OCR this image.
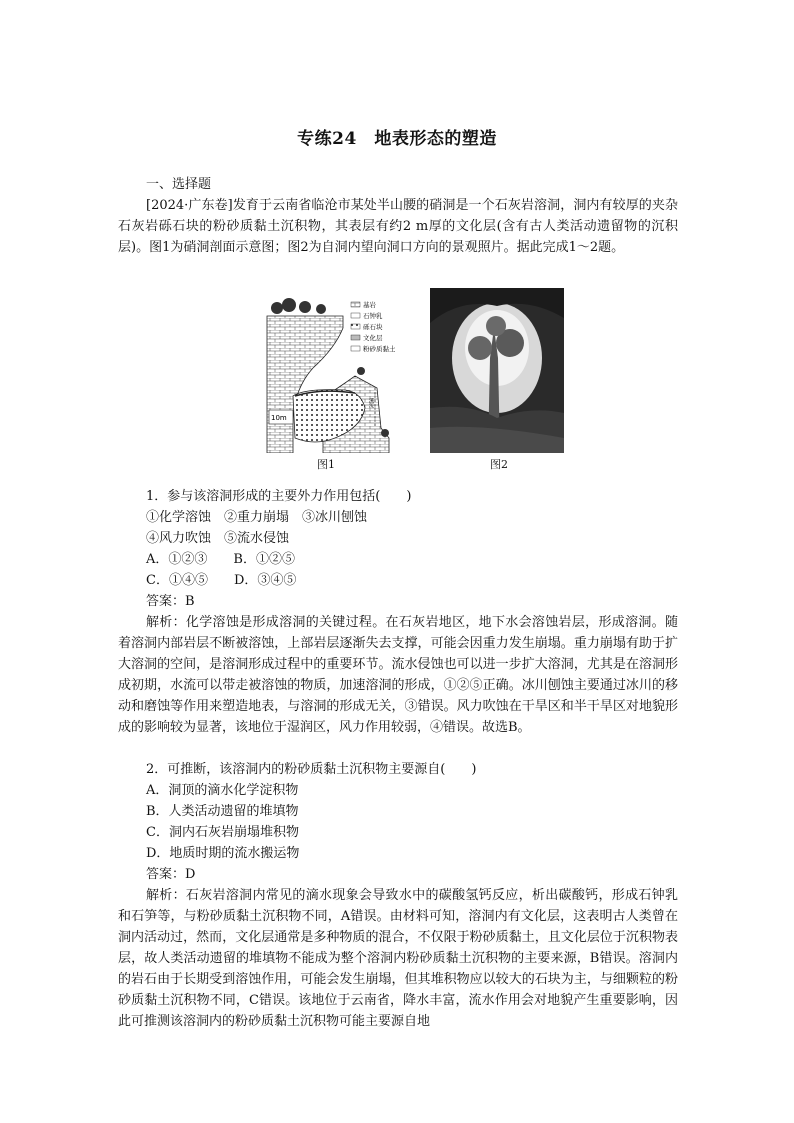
专练24　地表形态的塑造
一、选择题

[2024·广东卷]发育于云南省临沧市某处半山腰的硝洞是一个石灰岩溶洞，洞内有较厚的夹杂石灰岩砾石块的粉砂质黏土沉积物，其表层有约2 m厚的文化层(含有古人类活动遗留物的沉积层)。图1为硝洞剖面示意图；图2为自洞内望向洞口方向的景观照片。据此完成1～2题。

10m
溪流
基岩
石钟乳
砾石块
文化层
粉砂质黏土
图1	图2
1．参与该溶洞形成的主要外力作用包括(　　)
①化学溶蚀　②重力崩塌　③冰川刨蚀
④风力吹蚀　⑤流水侵蚀
A．①②③　　B．①②⑤
C．①④⑤　　D．③④⑤
答案：B

解析：化学溶蚀是形成溶洞的关键过程。在石灰岩地区，地下水会溶蚀岩层，形成溶洞。随着溶洞内部岩层不断被溶蚀，上部岩层逐渐失去支撑，可能会因重力发生崩塌。重力崩塌有助于扩大溶洞的空间，是溶洞形成过程中的重要环节。流水侵蚀也可以进一步扩大溶洞，尤其是在溶洞形成初期，水流可以带走被溶蚀的物质，加速溶洞的形成，①②⑤正确。冰川刨蚀主要通过冰川的移动和磨蚀等作用来塑造地表，与溶洞的形成无关，③错误。风力吹蚀在干旱区和半干旱区对地貌形成的影响较为显著，该地位于湿润区，风力作用较弱，④错误。故选B。

2．可推断，该溶洞内的粉砂质黏土沉积物主要源自(　　)
A．洞顶的滴水化学淀积物
B．人类活动遗留的堆填物
C．洞内石灰岩崩塌堆积物
D．地质时期的流水搬运物
答案：D

解析：石灰岩溶洞内常见的滴水现象会导致水中的碳酸氢钙反应，析出碳酸钙，形成石钟乳和石笋等，与粉砂质黏土沉积物不同，A错误。由材料可知，溶洞内有文化层，这表明古人类曾在洞内活动过，然而，文化层通常是多种物质的混合，不仅限于粉砂质黏土，且文化层位于沉积物表层，故人类活动遗留的堆填物不能成为整个溶洞内粉砂质黏土沉积物的主要来源，B错误。溶洞内的岩石由于长期受到溶蚀作用，可能会发生崩塌，但其堆积物应以较大的石块为主，与细颗粒的粉砂质黏土沉积物不同，C错误。该地位于云南省，降水丰富，流水作用会对地貌产生重要影响，因此可推测该溶洞内的粉砂质黏土沉积物可能主要源自地
